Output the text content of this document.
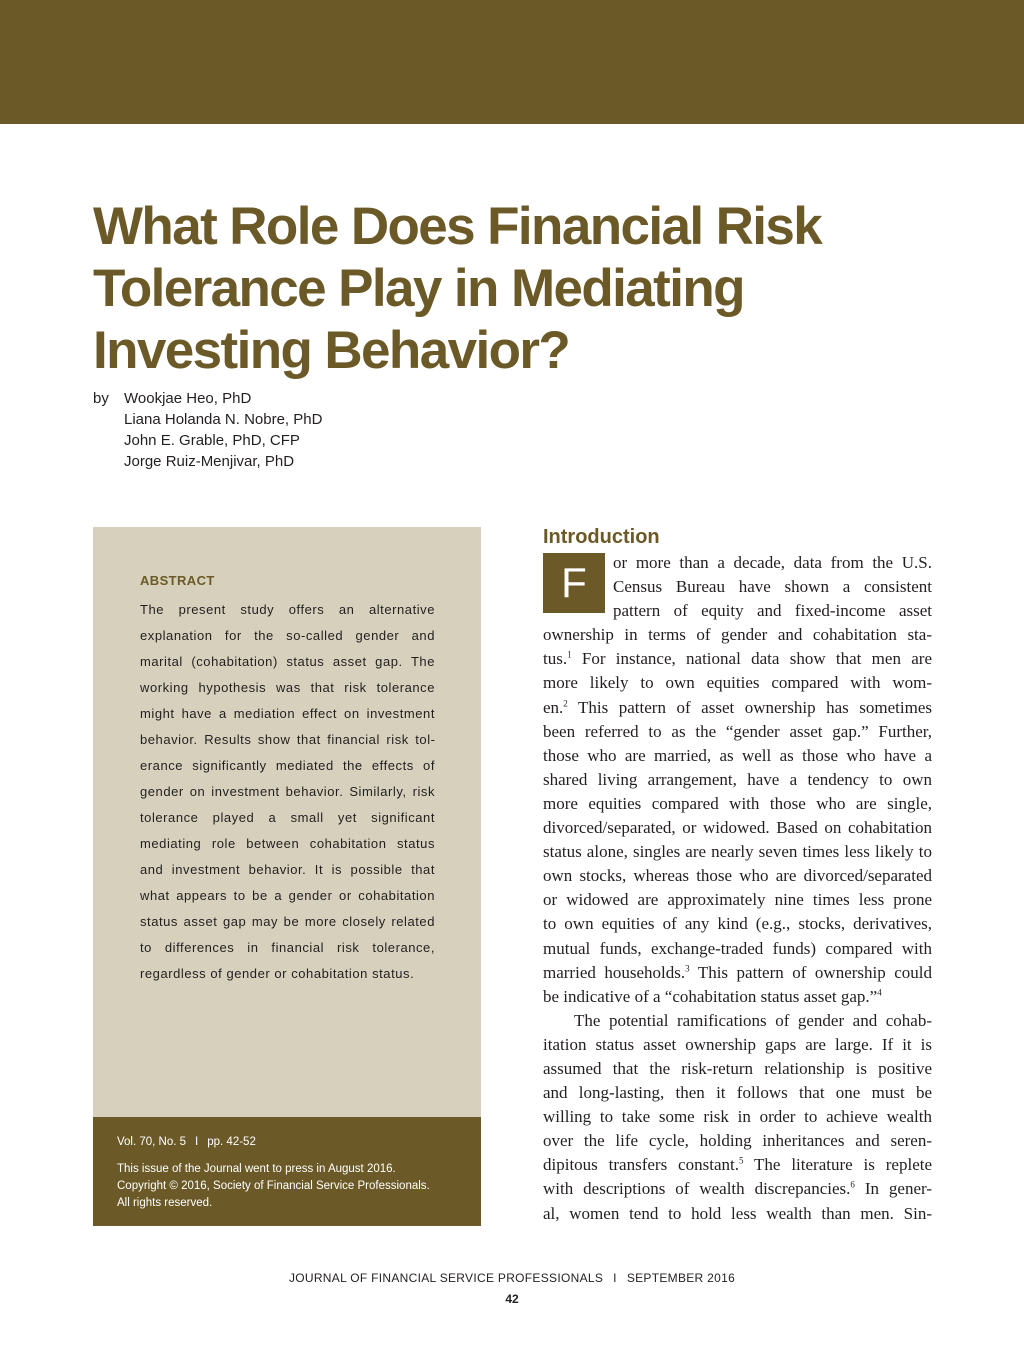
What Role Does Financial Risk
Tolerance Play in Mediating
Investing Behavior?
by	Wookjae Heo, PhD
Liana Holanda N. Nobre, PhD
John E. Grable, PhD, CFP
Jorge Ruiz-Menjivar, PhD
ABSTRACT

The present study offers an alternative explanation for the so-called gender and marital (cohabitation) status asset gap. The working hypothesis was that risk tolerance might have a mediation effect on investment behavior. Results show that financial risk tolerance significantly mediated the effects of gender on investment behavior. Similarly, risk tolerance played a small yet significant mediating role between cohabitation status and investment behavior. It is possible that what appears to be a gender or cohabitation status asset gap may be more closely related to differences in financial risk tolerance, regardless of gender or cohabitation status.

Vol. 70, No. 5 I pp. 42-52
This issue of the Journal went to press in August 2016.
Copyright © 2016, Society of Financial Service Professionals.
All rights reserved.
Introduction
F	or more than a decade, data from the U.S.
Census Bureau have shown a consistent
pattern of equity and fixed-income asset
ownership in terms of gender and cohabitation sta-
tus.$^1$ For instance, national data show that men are
more likely to own equities compared with wom-
en.$^2$ This pattern of asset ownership has sometimes
been referred to as the “gender asset gap.” Further,
those who are married, as well as those who have a
shared living arrangement, have a tendency to own
more equities compared with those who are single,
divorced/separated, or widowed. Based on cohabitation
status alone, singles are nearly seven times less likely to
own stocks, whereas those who are divorced/separated
or widowed are approximately nine times less prone
to own equities of any kind (e.g., stocks, derivatives,
mutual funds, exchange-traded funds) compared with
married households.$^3$ This pattern of ownership could
be indicative of a “cohabitation status asset gap.”$^4$
The potential ramifications of gender and cohab-
itation status asset ownership gaps are large. If it is
assumed that the risk-return relationship is positive
and long-lasting, then it follows that one must be
willing to take some risk in order to achieve wealth
over the life cycle, holding inheritances and seren-
dipitous transfers constant.$^5$ The literature is replete
with descriptions of wealth discrepancies.$^6$ In gener-
al, women tend to hold less wealth than men. Sin-
JOURNAL OF FINANCIAL SERVICE PROFESSIONALS I SEPTEMBER 2016
42
